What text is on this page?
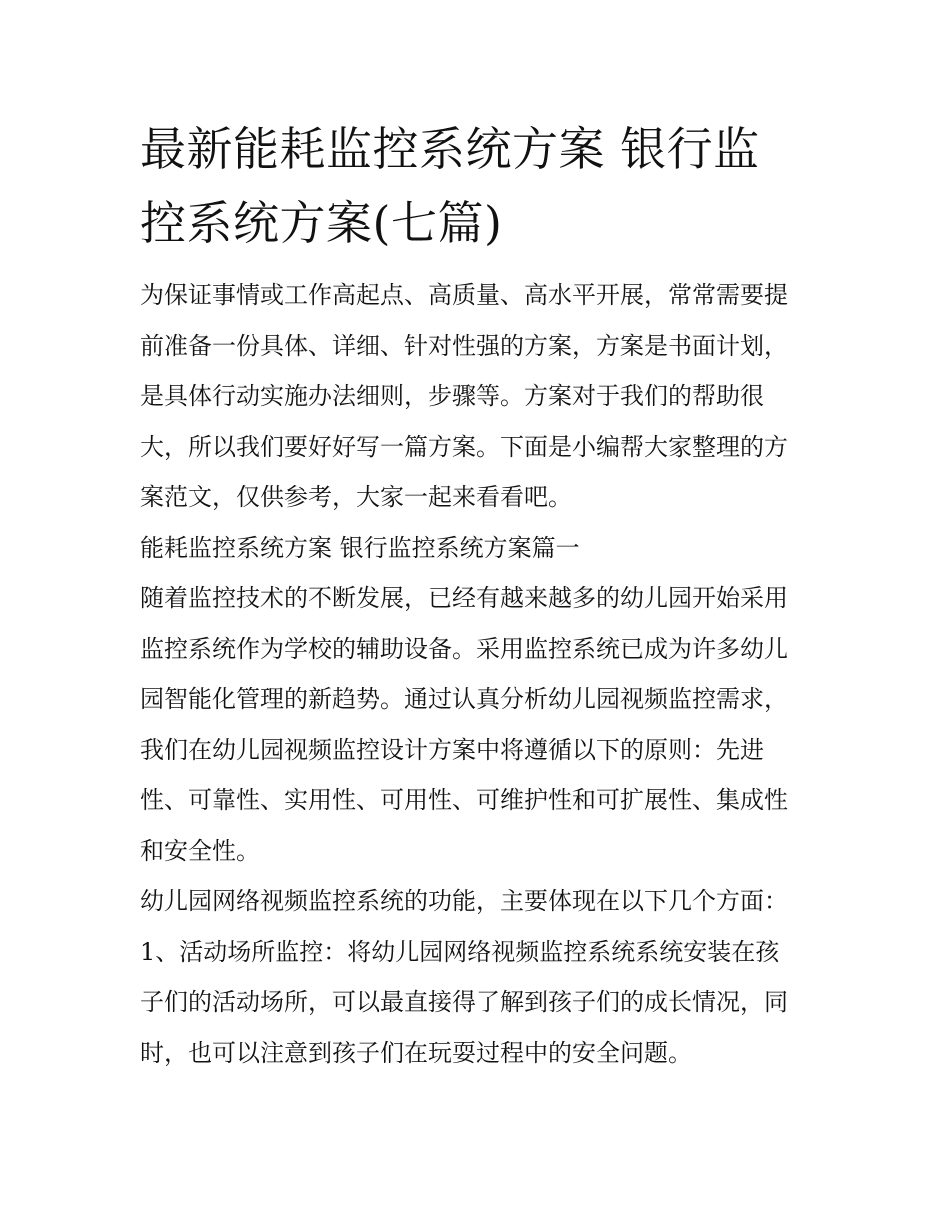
最新能耗监控系统方案 银行监
控系统方案(七篇)
为保证事情或工作高起点、高质量、高水平开展，常常需要提
前准备一份具体、详细、针对性强的方案，方案是书面计划，
是具体行动实施办法细则，步骤等。方案对于我们的帮助很
大，所以我们要好好写一篇方案。下面是小编帮大家整理的方
案范文，仅供参考，大家一起来看看吧。

能耗监控系统方案 银行监控系统方案篇一

随着监控技术的不断发展，已经有越来越多的幼儿园开始采用
监控系统作为学校的辅助设备。采用监控系统已成为许多幼儿
园智能化管理的新趋势。通过认真分析幼儿园视频监控需求，
我们在幼儿园视频监控设计方案中将遵循以下的原则：先进
性、可靠性、实用性、可用性、可维护性和可扩展性、集成性
和安全性。

幼儿园网络视频监控系统的功能，主要体现在以下几个方面：

1、活动场所监控：将幼儿园网络视频监控系统系统安装在孩
子们的活动场所，可以最直接得了解到孩子们的成长情况，同
时，也可以注意到孩子们在玩耍过程中的安全问题。
